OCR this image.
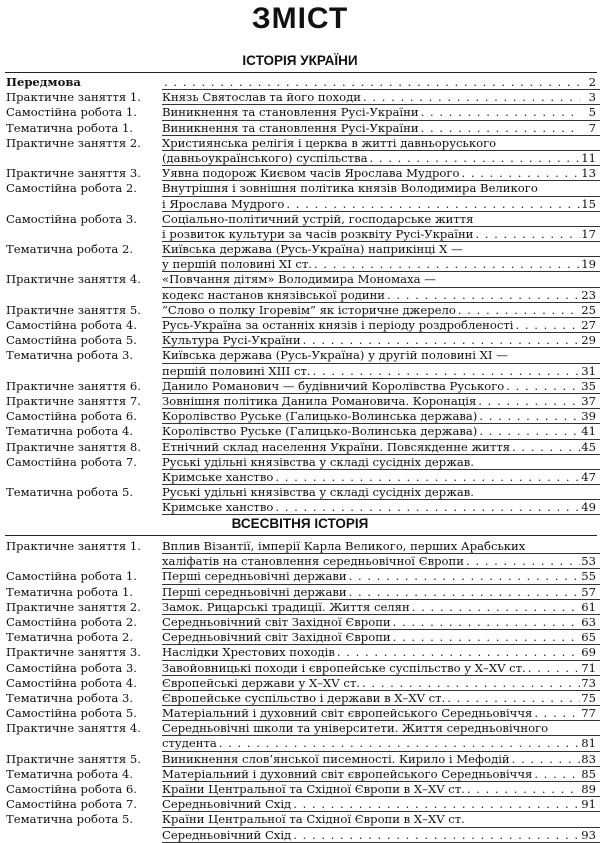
ЗМІСТ
ІСТОРІЯ УКРАЇНИ
Передмова . . .	2
Практичне заняття 1.	Князь Святослав та його походи . . .	3
Самостійна робота 1.	Виникнення та становлення Русі-України . . .	5
Тематична робота 1.	Виникнення та становлення Русі-України . . .	7
Практичне заняття 2.	Християнська релігія і церква в житті давньоруського
(давньоукраїнського) суспільства . . .	11
Практичне заняття 3.	Уявна подорож Києвом часів Ярослава Мудрого . . .	13
Самостійна робота 2.	Внутрішня і зовнішня політика князів Володимира Великого
і Ярослава Мудрого . . .	15
Самостійна робота 3.	Соціально-політичний устрій, господарське життя
і розвиток культури за часів розквіту Русі-України . . .	17
Тематична робота 2.	Київська держава (Русь-Україна) наприкінці Х —
у першій половині ХІ ст. . . .	19
Практичне заняття 4.	«Повчання дітям» Володимира Мономаха —
кодекс настанов князівської родини . . .	23
Практичне заняття 5.	“Слово о полку Ігоревім” як історичне джерело . . .	25
Самостійна робота 4.	Русь-Україна за останніх князів і періоду роздробленості . . .	27
Самостійна робота 5.	Культура Русі-України . . .	29
Тематична робота 3.	Київська держава (Русь-Україна) у другій половині ХІ —
першій половині ХІІІ ст. . . .	31
Практичне заняття 6.	Данило Романович — будівничий Королівства Руського . . .	35
Практичне заняття 7.	Зовнішня політика Данила Романовича. Коронація . . .	37
Самостійна робота 6.	Королівство Руське (Галицько-Волинська держава) . . .	39
Тематична робота 4.	Королівство Руське (Галицько-Волинська держава) . . .	41
Практичне заняття 8.	Етнічний склад населення України. Повсякденне життя . . .	45
Самостійна робота 7.	Руські удільні князівства у складі сусідніх держав.
Кримське ханство . . .	47
Тематична робота 5.	Руські удільні князівства у складі сусідніх держав.
Кримське ханство . . .	49
ВСЕСВІТНЯ ІСТОРІЯ
Практичне заняття 1.	Вплив Візантії, імперії Карла Великого, перших Арабських
халіфатів на становлення середньовічної Європи . . .	53
Самостійна робота 1.	Перші середньовічні держави . . .	55
Тематична робота 1.	Перші середньовічні держави . . .	57
Практичне заняття 2.	Замок. Рицарські традиції. Життя селян . . .	61
Самостійна робота 2.	Середньовічний світ Західної Європи . . .	63
Тематична робота 2.	Середньовічний світ Західної Європи . . .	65
Практичне заняття 3.	Наслідки Хрестових походів . . .	69
Самостійна робота 3.	Завойовницькі походи і європейське суспільство у Х–XV ст. . . .	71
Самостійна робота 4.	Європейські держави у Х–XV ст. . . .	73
Тематична робота 3.	Європейське суспільство і держави в Х–XV ст. . . .	75
Самостійна робота 5.	Матеріальний і духовний світ європейського Середньовіччя . . .	77
Практичне заняття 4.	Середньовічні школи та університети. Життя середньовічного
студента . . .	81
Практичне заняття 5.	Виникнення слов’янської писемності. Кирило і Мефодій . . .	83
Тематична робота 4.	Матеріальний і духовний світ європейського Середньовіччя . . .	85
Самостійна робота 6.	Країни Центральної та Східної Європи в Х–XV ст. . . .	89
Самостійна робота 7.	Середньовічний Схід . . .	91
Тематична робота 5.	Країни Центральної та Східної Європи в Х–XV ст.
Середньовічний Схід . . .	93
